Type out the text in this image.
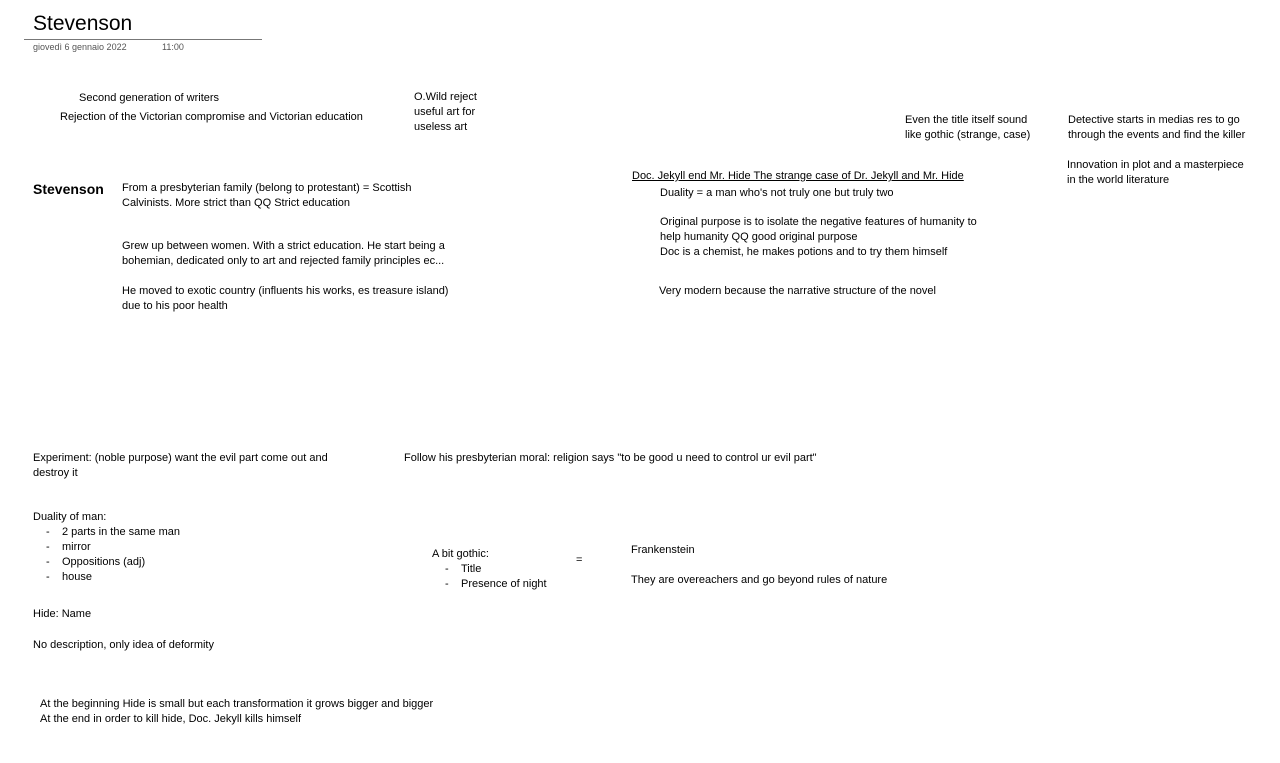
Stevenson
giovedì 6 gennaio 2022	11:00
Second generation of writers
Rejection of the Victorian compromise and Victorian education
O.Wild reject
useful art for
useless art
Even the title itself sound
like gothic (strange, case)
Detective starts in medias res to go
through the events and find the killer
Innovation in plot and a masterpiece
in the world literature
Stevenson From a presbyterian family (belong to protestant) = Scottish
Calvinists. More strict than QQ Strict education
Grew up between women. With a strict education. He start being a
bohemian, dedicated only to art and rejected family principles ec...
He moved to exotic country (influents his works, es treasure island)
due to his poor health
Doc. Jekyll end Mr. Hide The strange case of Dr. Jekyll and Mr. Hide
Duality = a man who's not truly one but truly two
Original purpose is to isolate the negative features of humanity to
help humanity QQ good original purpose
Doc is a chemist, he makes potions and to try them himself
Very modern because the narrative structure of the novel
Experiment: (noble purpose) want the evil part come out and
destroy it
Follow his presbyterian moral: religion says "to be good u need to control ur evil part"
Duality of man:
- 2 parts in the same man
- mirror
- Oppositions (adj)
- house
A bit gothic:
- Title
- Presence of night
=
Frankenstein
They are overeachers and go beyond rules of nature
Hide: Name
No description, only idea of deformity
At the beginning Hide is small but each transformation it grows bigger and bigger
At the end in order to kill hide, Doc. Jekyll kills himself
